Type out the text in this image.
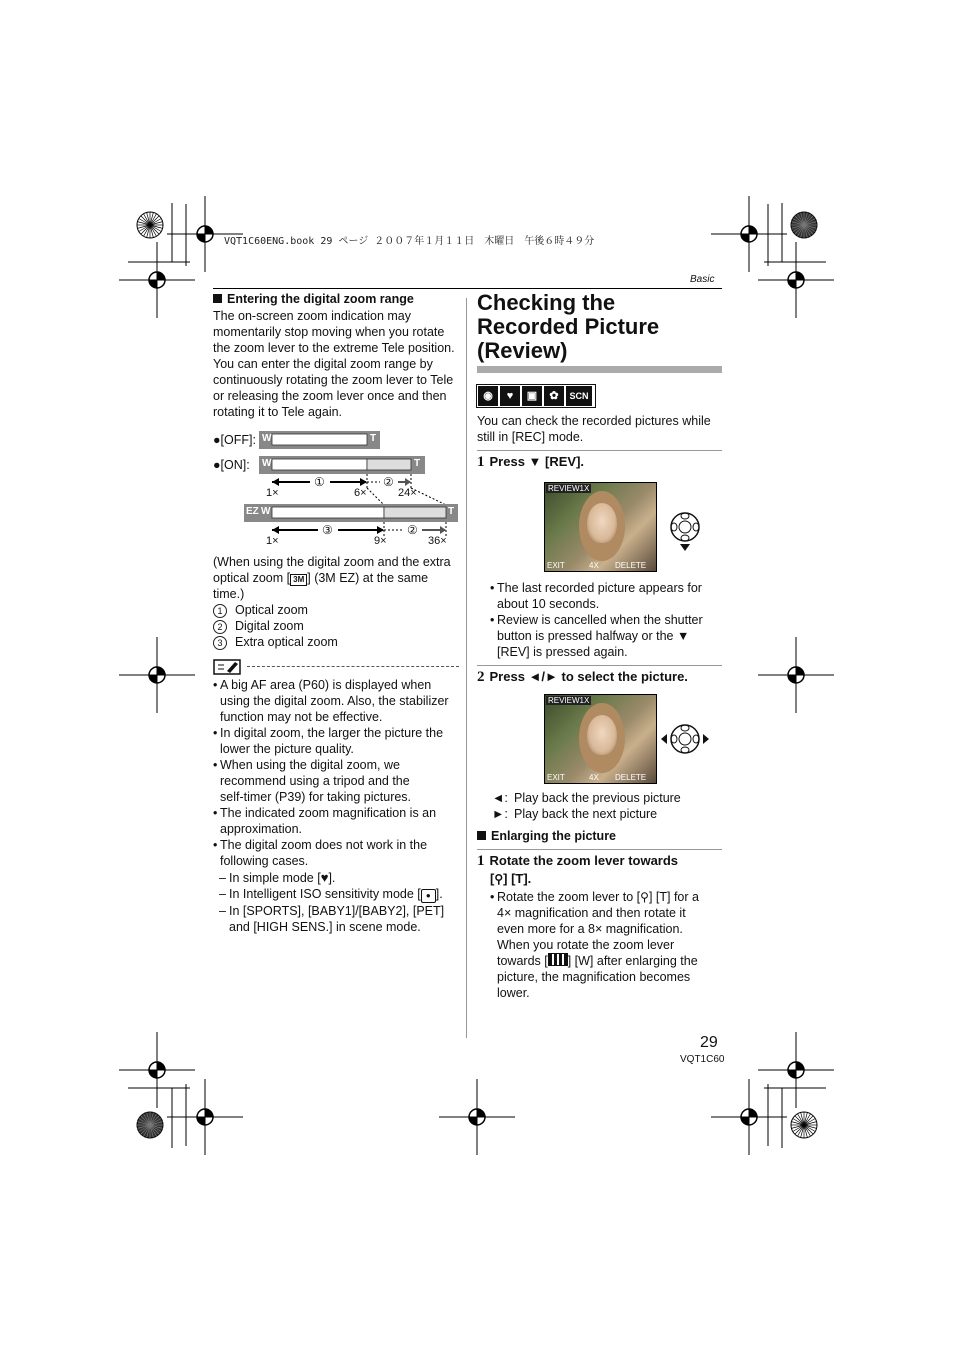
VQT1C60ENG.book 29 ページ ２００７年１月１１日　木曜日　午後６時４９分
Basic
Entering the digital zoom range
The on-screen zoom indication may
momentarily stop moving when you rotate
the zoom lever to the extreme Tele position.
You can enter the digital zoom range by
continuously rotating the zoom lever to Tele
or releasing the zoom lever once and then
rotating it to Tele again.
●[OFF]:
●[ON]:
W	T
W	T
EZ W	T
①	②
③	②
1×	6×	24×
1×	9×	36×
(When using the digital zoom and the extra
optical zoom [ 3M ] (3M EZ) at the same
time.)
1 Optical zoom
2 Digital zoom
3 Extra optical zoom
• A big AF area (P60) is displayed when
using the digital zoom. Also, the stabilizer
function may not be effective.
• In digital zoom, the larger the picture the
lower the picture quality.
• When using the digital zoom, we
recommend using a tripod and the
self-timer (P39) for taking pictures.
• The indicated zoom magnification is an
approximation.
• The digital zoom does not work in the
following cases.
– In simple mode [♥].
– In Intelligent ISO sensitivity mode [ ● ].
– In [SPORTS], [BABY1]/[BABY2], [PET]
and [HIGH SENS.] in scene mode.
Checking the
Recorded Picture
(Review)
◉	♥	▣	✿	SCN
You can check the recorded pictures while
still in [REC] mode.
1 Press ▼ [REV].
REVIEW1X
EXIT	4X DELETE
• The last recorded picture appears for
about 10 seconds.
• Review is cancelled when the shutter
button is pressed halfway or the ▼
[REV] is pressed again.
2 Press ◄/► to select the picture.
REVIEW1X
EXIT	4X DELETE
◄: Play back the previous picture
►: Play back the next picture
Enlarging the picture
1 Rotate the zoom lever towards
[⚲] [T].
• Rotate the zoom lever to [⚲] [T] for a
4× magnification and then rotate it
even more for a 8× magnification.
When you rotate the zoom lever
towards [ ] [W] after enlarging the
picture, the magnification becomes
lower.
29
VQT1C60
